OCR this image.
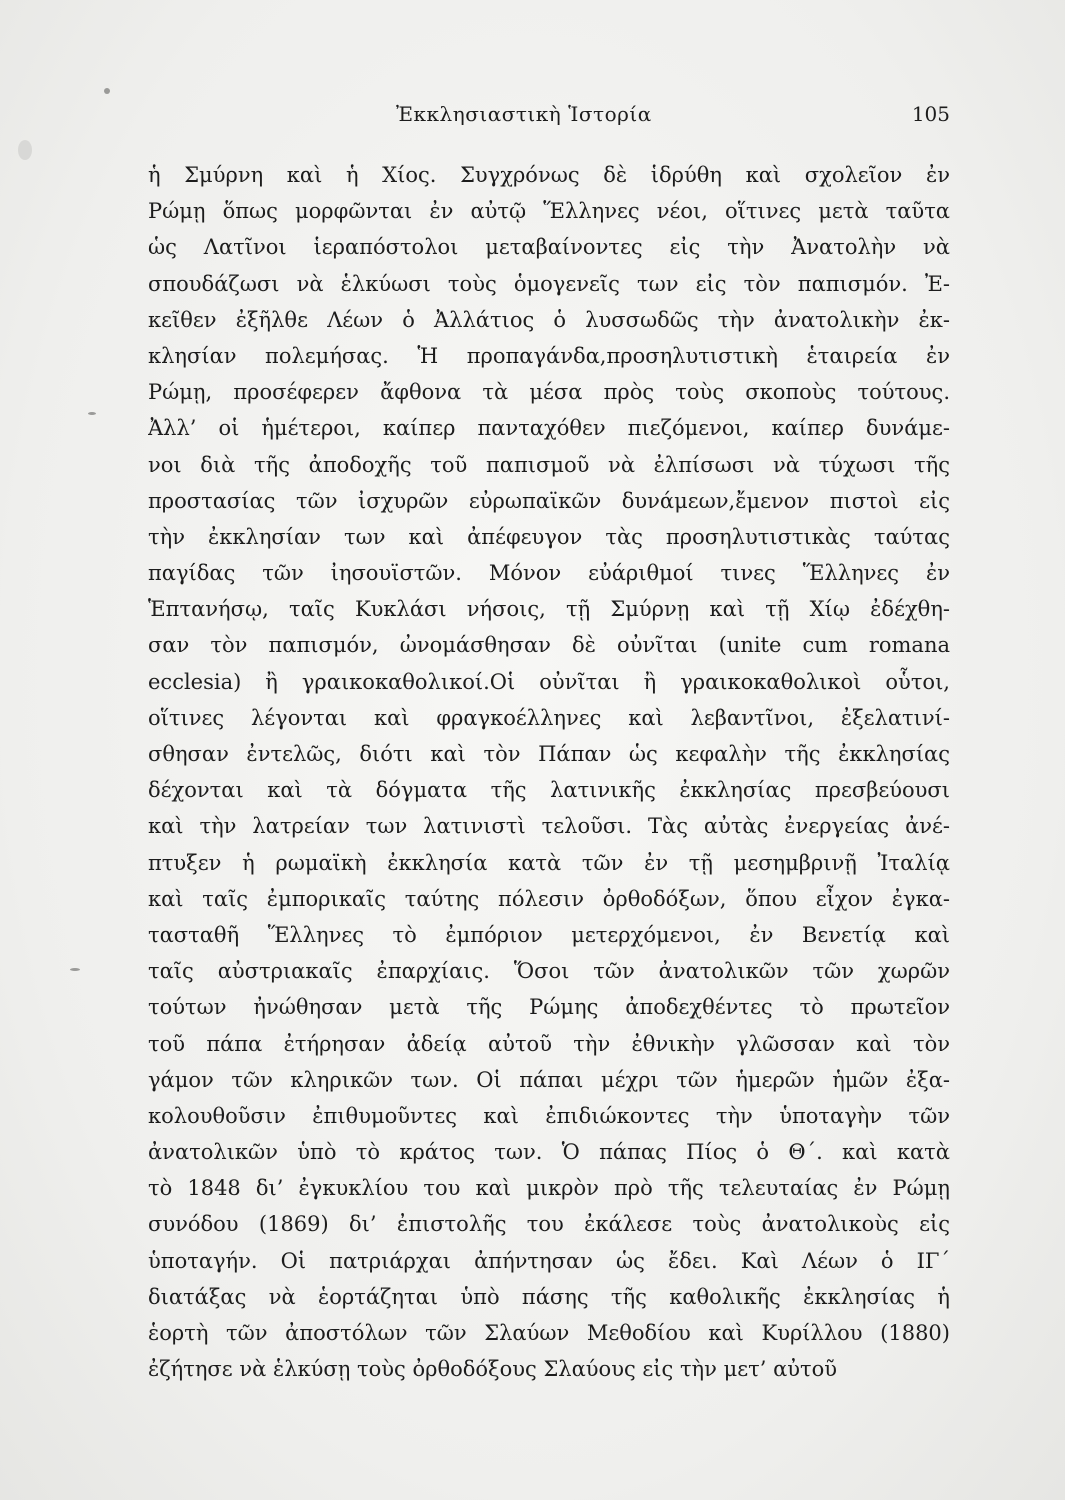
Ἐκκλησιαστικὴ Ἱστορία	105
ἡ Σμύρνη καὶ ἡ Χίος. Συγχρόνως δὲ ἱδρύθη καὶ σχολεῖον ἐν
Ρώμῃ ὅπως μορφῶνται ἐν αὐτῷ Ἕλληνες νέοι, οἵτινες μετὰ ταῦτα
ὡς Λατῖνοι ἱεραπόστολοι μεταβαίνοντες εἰς τὴν Ἀνατολὴν νὰ
σπουδάζωσι νὰ ἑλκύωσι τοὺς ὁμογενεῖς των εἰς τὸν παπισμόν. Ἐ-
κεῖθεν ἐξῆλθε Λέων ὁ Ἀλλάτιος ὁ λυσσωδῶς τὴν ἀνατολικὴν ἐκ-
κλησίαν πολεμήσας. Ἡ προπαγάνδα,προσηλυτιστικὴ ἑταιρεία ἐν
Ρώμῃ, προσέφερεν ἄφθονα τὰ μέσα πρὸς τοὺς σκοποὺς τούτους.
Ἀλλ’ οἱ ἡμέτεροι, καίπερ πανταχόθεν πιεζόμενοι, καίπερ δυνάμε-
νοι διὰ τῆς ἀποδοχῆς τοῦ παπισμοῦ νὰ ἐλπίσωσι νὰ τύχωσι τῆς
προστασίας τῶν ἰσχυρῶν εὐρωπαϊκῶν δυνάμεων,ἔμενον πιστοὶ εἰς
τὴν ἐκκλησίαν των καὶ ἀπέφευγον τὰς προσηλυτιστικὰς ταύτας
παγίδας τῶν ἰησουϊστῶν. Μόνον εὐάριθμοί τινες Ἕλληνες ἐν
Ἑπτανήσῳ, ταῖς Κυκλάσι νήσοις, τῇ Σμύρνῃ καὶ τῇ Χίῳ ἐδέχθη-
σαν τὸν παπισμόν, ὠνομάσθησαν δὲ οὐνῖται (unite cum romana
ecclesia) ἢ γραικοκαθολικοί.Οἱ οὐνῖται ἢ γραικοκαθολικοὶ οὗτοι,
οἵτινες λέγονται καὶ φραγκοέλληνες καὶ λεβαντῖνοι, ἐξελατινί-
σθησαν ἐντελῶς, διότι καὶ τὸν Πάπαν ὡς κεφαλὴν τῆς ἐκκλησίας
δέχονται καὶ τὰ δόγματα τῆς λατινικῆς ἐκκλησίας πρεσβεύουσι
καὶ τὴν λατρείαν των λατινιστὶ τελοῦσι. Τὰς αὐτὰς ἐνεργείας ἀνέ-
πτυξεν ἡ ρωμαϊκὴ ἐκκλησία κατὰ τῶν ἐν τῇ μεσημβρινῇ Ἰταλίᾳ
καὶ ταῖς ἐμπορικαῖς ταύτης πόλεσιν ὀρθοδόξων, ὅπου εἶχον ἐγκα-
τασταθῆ Ἕλληνες τὸ ἐμπόριον μετερχόμενοι, ἐν Βενετίᾳ καὶ
ταῖς αὐστριακαῖς ἐπαρχίαις. Ὅσοι τῶν ἀνατολικῶν τῶν χωρῶν
τούτων ἠνώθησαν μετὰ τῆς Ρώμης ἀποδεχθέντες τὸ πρωτεῖον
τοῦ πάπα ἐτήρησαν ἀδείᾳ αὐτοῦ τὴν ἐθνικὴν γλῶσσαν καὶ τὸν
γάμον τῶν κληρικῶν των. Οἱ πάπαι μέχρι τῶν ἡμερῶν ἡμῶν ἐξα-
κολουθοῦσιν ἐπιθυμοῦντες καὶ ἐπιδιώκοντες τὴν ὑποταγὴν τῶν
ἀνατολικῶν ὑπὸ τὸ κράτος των. Ὁ πάπας Πίος ὁ Θ΄. καὶ κατὰ
τὸ 1848 δι’ ἐγκυκλίου του καὶ μικρὸν πρὸ τῆς τελευταίας ἐν Ρώμῃ
συνόδου (1869) δι’ ἐπιστολῆς του ἐκάλεσε τοὺς ἀνατολικοὺς εἰς
ὑποταγήν. Οἱ πατριάρχαι ἀπήντησαν ὡς ἔδει. Καὶ Λέων ὁ ΙΓ΄
διατάξας νὰ ἑορτάζηται ὑπὸ πάσης τῆς καθολικῆς ἐκκλησίας ἡ
ἑορτὴ τῶν ἀποστόλων τῶν Σλαύων Μεθοδίου καὶ Κυρίλλου (1880)
ἐζήτησε νὰ ἑλκύσῃ τοὺς ὀρθοδόξους Σλαύους εἰς τὴν μετ’ αὐτοῦ
